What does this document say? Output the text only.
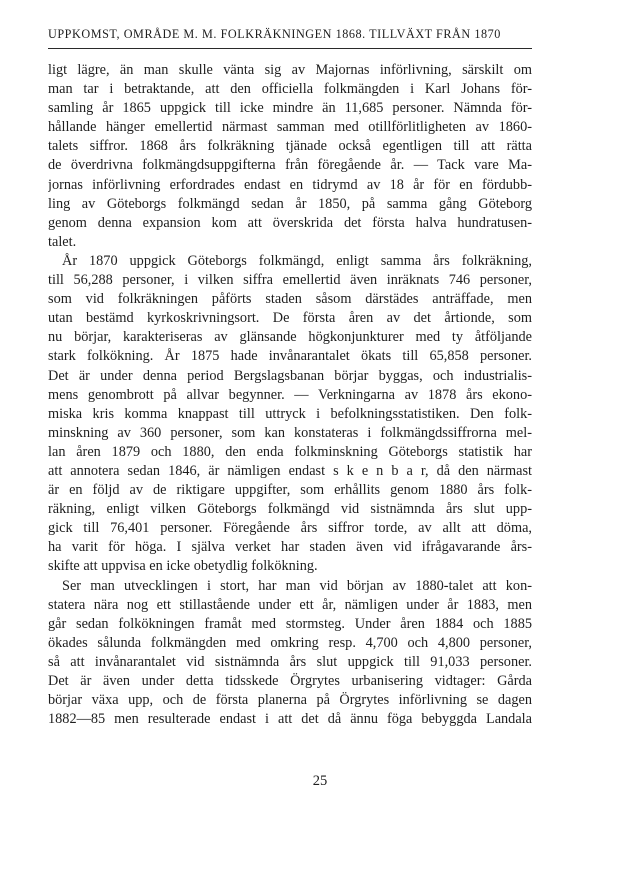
UPPKOMST, OMRÅDE M. M. FOLKRÄKNINGEN 1868. TILLVÄXT FRÅN 1870
ligt lägre, än man skulle vänta sig av Majornas införlivning, särskilt om
man tar i betraktande, att den officiella folkmängden i Karl Johans för-
samling år 1865 uppgick till icke mindre än 11,685 personer. Nämnda för-
hållande hänger emellertid närmast samman med otillförlitligheten av 1860-
talets siffror. 1868 års folkräkning tjänade också egentligen till att rätta
de överdrivna folkmängdsuppgifterna från föregående år. — Tack vare Ma-
jornas införlivning erfordrades endast en tidrymd av 18 år för en fördubb-
ling av Göteborgs folkmängd sedan år 1850, på samma gång Göteborg
genom denna expansion kom att överskrida det första halva hundratusen-
talet.
År 1870 uppgick Göteborgs folkmängd, enligt samma års folkräkning,
till 56,288 personer, i vilken siffra emellertid även inräknats 746 personer,
som vid folkräkningen påförts staden såsom därstädes anträffade, men
utan bestämd kyrkoskrivningsort. De första åren av det årtionde, som
nu börjar, karakteriseras av glänsande högkonjunkturer med ty åtföljande
stark folkökning. År 1875 hade invånarantalet ökats till 65,858 personer.
Det är under denna period Bergslagsbanan börjar byggas, och industrialis-
mens genombrott på allvar begynner. — Verkningarna av 1878 års ekono-
miska kris komma knappast till uttryck i befolkningsstatistiken. Den folk-
minskning av 360 personer, som kan konstateras i folkmängdssiffrorna mel-
lan åren 1879 och 1880, den enda folkminskning Göteborgs statistik har
att annotera sedan 1846, är nämligen endast s k e n b a r, då den närmast
är en följd av de riktigare uppgifter, som erhållits genom 1880 års folk-
räkning, enligt vilken Göteborgs folkmängd vid sistnämnda års slut upp-
gick till 76,401 personer. Föregående års siffror torde, av allt att döma,
ha varit för höga. I själva verket har staden även vid ifrågavarande års-
skifte att uppvisa en icke obetydlig folkökning.
Ser man utvecklingen i stort, har man vid början av 1880-talet att kon-
statera nära nog ett stillastående under ett år, nämligen under år 1883, men
går sedan folkökningen framåt med stormsteg. Under åren 1884 och 1885
ökades sålunda folkmängden med omkring resp. 4,700 och 4,800 personer,
så att invånarantalet vid sistnämnda års slut uppgick till 91,033 personer.
Det är även under detta tidsskede Örgrytes urbanisering vidtager: Gårda
börjar växa upp, och de första planerna på Örgrytes införlivning se dagen
1882—85 men resulterade endast i att det då ännu föga bebyggda Landala
25
